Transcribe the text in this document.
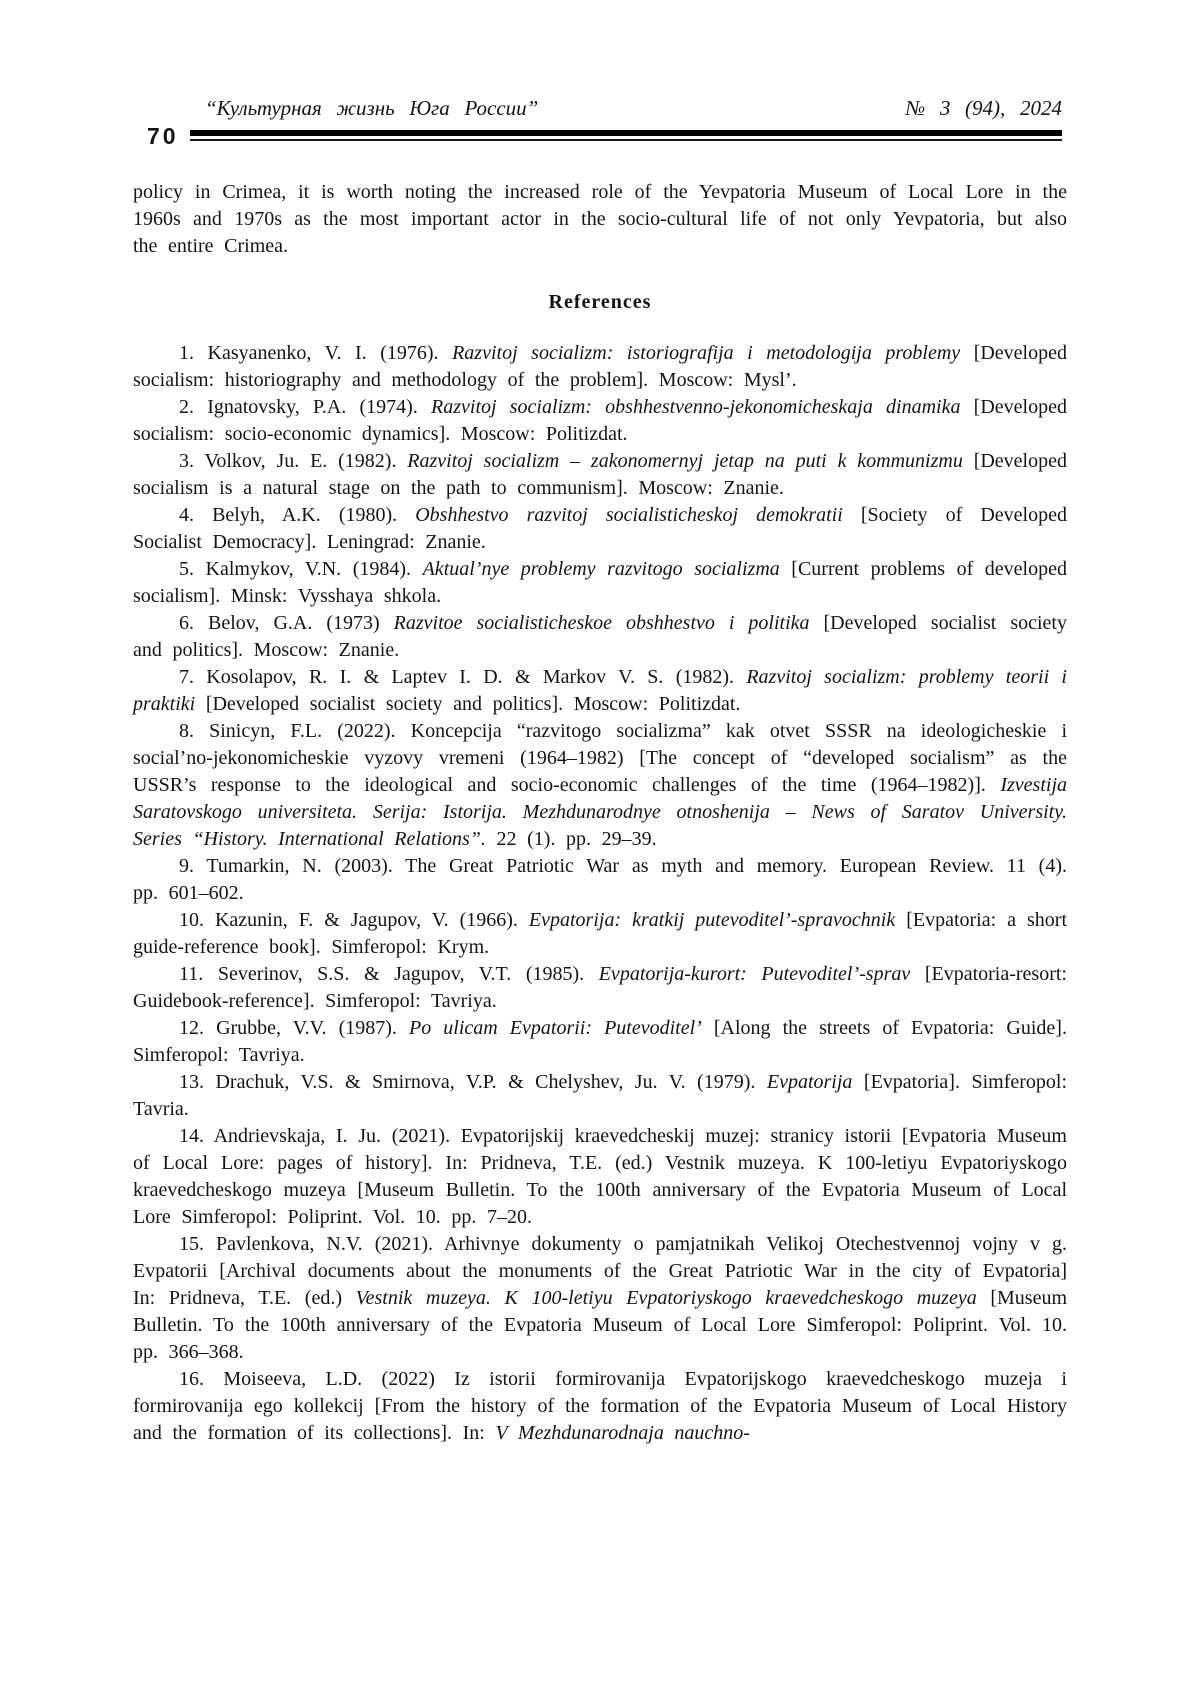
“Культурная жизнь Юга России”	№ 3 (94), 2024
70

policy in Crimea, it is worth noting the increased role of the Yevpatoria Museum of Local Lore in the 1960s and 1970s as the most important actor in the socio-cultural life of not only Yevpatoria, but also the entire Crimea.

References

1. Kasyanenko, V. I. (1976). Razvitoj socializm: istoriografija i metodologija problemy [Developed socialism: historiography and methodology of the problem]. Moscow: Mysl’.

2. Ignatovsky, P.A. (1974). Razvitoj socializm: obshhestvenno-jekonomicheskaja dinamika [Developed socialism: socio-economic dynamics]. Moscow: Politizdat.

3. Volkov, Ju. E. (1982). Razvitoj socializm – zakonomernyj jetap na puti k kommunizmu [Developed socialism is a natural stage on the path to communism]. Moscow: Znanie.

4. Belyh, A.K. (1980). Obshhestvo razvitoj socialisticheskoj demokratii [Society of Developed Socialist Democracy]. Leningrad: Znanie.

5. Kalmykov, V.N. (1984). Aktual’nye problemy razvitogo socializma [Current problems of developed socialism]. Minsk: Vysshaya shkola.

6. Belov, G.A. (1973) Razvitoe socialisticheskoe obshhestvo i politika [Developed socialist society and politics]. Moscow: Znanie.

7. Kosolapov, R. I. & Laptev I. D. & Markov V. S. (1982). Razvitoj socializm: problemy teorii i praktiki [Developed socialist society and politics]. Moscow: Politizdat.

8. Sinicyn, F.L. (2022). Koncepcija “razvitogo socializma” kak otvet SSSR na ideologicheskie i social’no-jekonomicheskie vyzovy vremeni (1964–1982) [The concept of “developed socialism” as the USSR’s response to the ideological and socio-economic challenges of the time (1964–1982)]. Izvestija Saratovskogo universiteta. Serija: Istorija. Mezhdunarodnye otnoshenija – News of Saratov University. Series “History. International Relations”. 22 (1). pp. 29–39.

9. Tumarkin, N. (2003). The Great Patriotic War as myth and memory. European Review. 11 (4). pp. 601–602.

10. Kazunin, F. & Jagupov, V. (1966). Evpatorija: kratkij putevoditel’-spravochnik [Evpatoria: a short guide-reference book]. Simferopol: Krym.

11. Severinov, S.S. & Jagupov, V.T. (1985). Evpatorija-kurort: Putevoditel’-sprav [Evpatoria-resort: Guidebook-reference]. Simferopol: Tavriya.

12. Grubbe, V.V. (1987). Po ulicam Evpatorii: Putevoditel’ [Along the streets of Evpatoria: Guide]. Simferopol: Tavriya.

13. Drachuk, V.S. & Smirnova, V.P. & Chelyshev, Ju. V. (1979). Evpatorija [Evpatoria]. Simferopol: Tavria.

14. Andrievskaja, I. Ju. (2021). Evpatorijskij kraevedcheskij muzej: stranicy istorii [Evpatoria Museum of Local Lore: pages of history]. In: Pridneva, T.E. (ed.) Vestnik muzeya. K 100-letiyu Evpatoriyskogo kraevedcheskogo muzeya [Museum Bulletin. To the 100th anniversary of the Evpatoria Museum of Local Lore Simferopol: Poliprint. Vol. 10. pp. 7–20.

15. Pavlenkova, N.V. (2021). Arhivnye dokumenty o pamjatnikah Velikoj Otechestvennoj vojny v g. Evpatorii [Archival documents about the monuments of the Great Patriotic War in the city of Evpatoria] In: Pridneva, T.E. (ed.) Vestnik muzeya. K 100-letiyu Evpatoriyskogo kraevedcheskogo muzeya [Museum Bulletin. To the 100th anniversary of the Evpatoria Museum of Local Lore Simferopol: Poliprint. Vol. 10. pp. 366–368.

16. Moiseeva, L.D. (2022) Iz istorii formirovanija Evpatorijskogo kraevedcheskogo muzeja i formirovanija ego kollekcij [From the history of the formation of the Evpatoria Museum of Local History and the formation of its collections]. In: V Mezhdunarodnaja nauchno-
